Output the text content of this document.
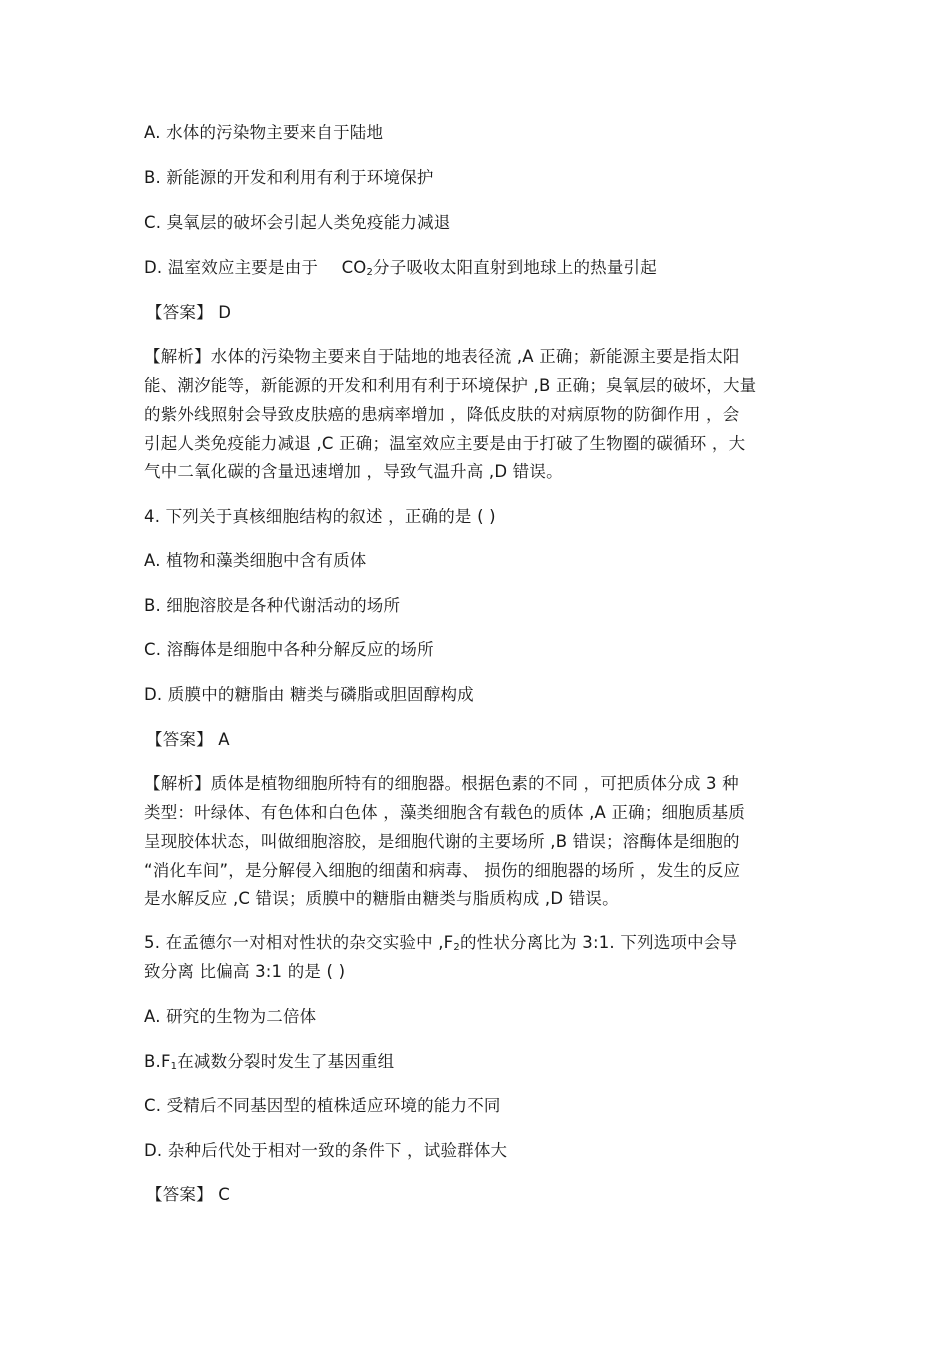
A. 水体的污染物主要来自于陆地
B. 新能源的开发和利用有利于环境保护
C. 臭氧层的破坏会引起人类免疫能力减退
D. 温室效应主要是由于 $CO_2$分子吸收太阳直射到地球上的热量引起
【答案】 D
【解析】水体的污染物主要来自于陆地的地表径流 ,A 正确；新能源主要是指太阳
能、潮汐能等，新能源的开发和利用有利于环境保护 ,B 正确；臭氧层的破坏，大量
的紫外线照射会导致皮肤癌的患病率增加 ，降低皮肤的对病原物的防御作用 ，会
引起人类免疫能力减退 ,C 正确；温室效应主要是由于打破了生物圈的碳循环 ，大
气中二氧化碳的含量迅速增加 ，导致气温升高 ,D 错误。
4. 下列关于真核细胞结构的叙述 ，正确的是 ( )
A. 植物和藻类细胞中含有质体
B. 细胞溶胶是各种代谢活动的场所
C. 溶酶体是细胞中各种分解反应的场所
D. 质膜中的糖脂由 糖类与磷脂或胆固醇构成
【答案】 A
【解析】质体是植物细胞所特有的细胞器。根据色素的不同 ，可把质体分成 3 种
类型：叶绿体、有色体和白色体 ，藻类细胞含有载色的质体 ,A 正确；细胞质基质
呈现胶体状态，叫做细胞溶胶，是细胞代谢的主要场所 ,B 错误；溶酶体是细胞的
“消化车间”，是分解侵入细胞的细菌和病毒、 损伤的细胞器的场所 ，发生的反应
是水解反应 ,C 错误；质膜中的糖脂由糖类与脂质构成 ,D 错误。
5. 在孟德尔一对相对性状的杂交实验中 $,F_2$的性状分离比为 3:1. 下列选项中会导
致分离 比偏高 3:1 的是 ( )
A. 研究的生物为二倍体
$B.F_1$在减数分裂时发生了基因重组
C. 受精后不同基因型的植株适应环境的能力不同
D. 杂种后代处于相对一致的条件下 ，试验群体大
【答案】 C
